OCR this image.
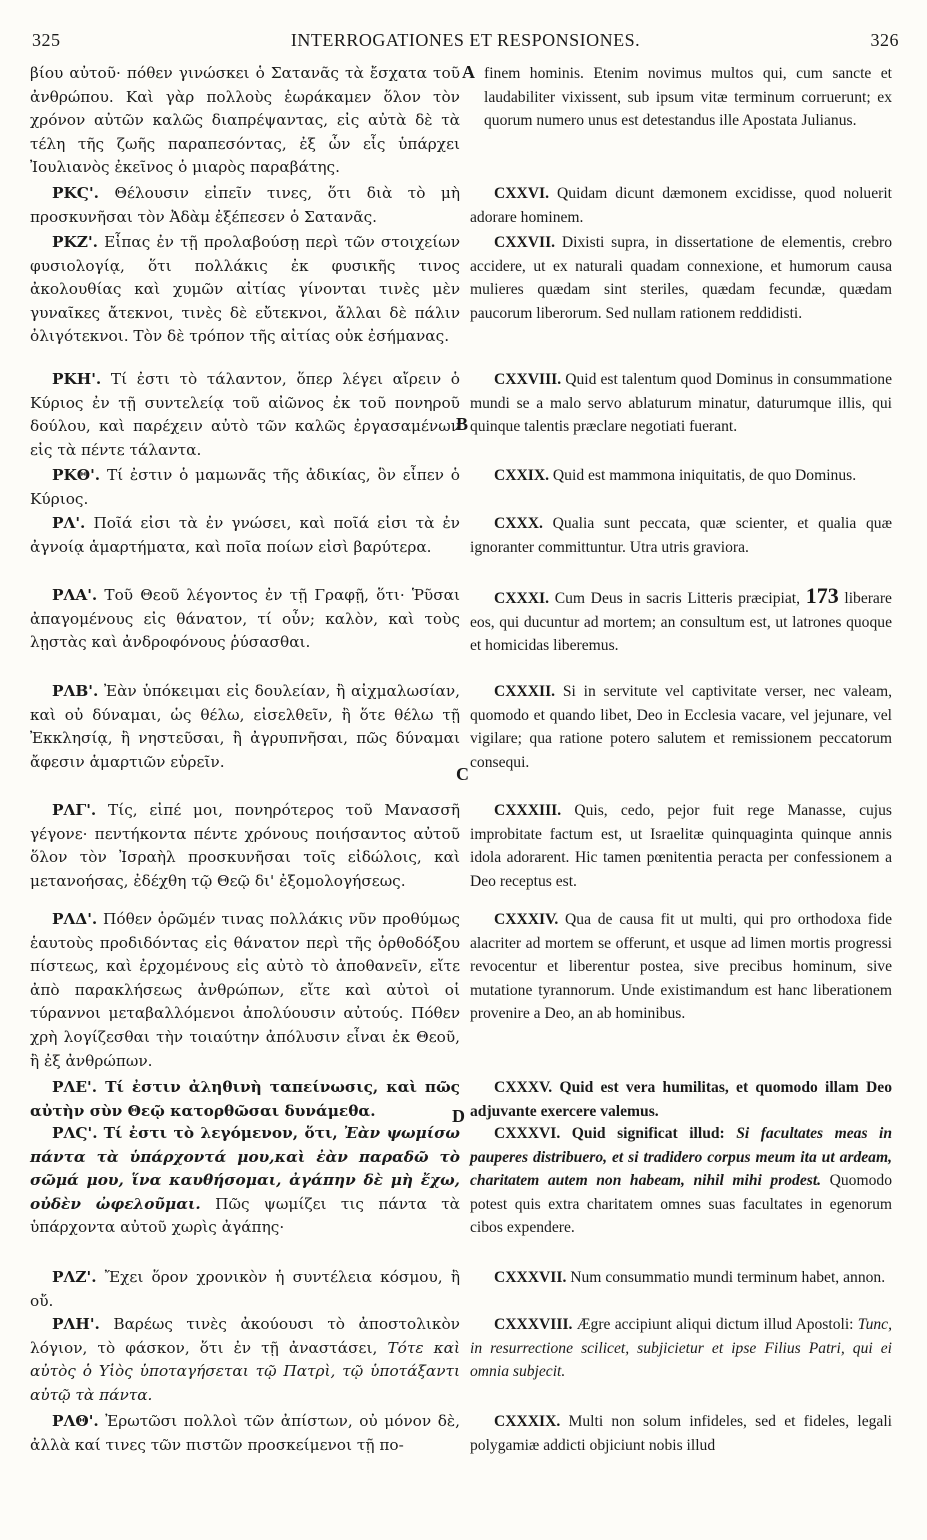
325	INTERROGATIONES ET RESPONSIONES.	326
A
B
C
D
βίου αὐτοῦ· πόθεν γινώσκει ὁ Σατανᾶς τὰ ἔσχατα τοῦ ἀνθρώπου. Καὶ γὰρ πολλοὺς ἑωράκαμεν ὅλον τὸν χρόνον αὐτῶν καλῶς διαπρέψαντας, εἰς αὐτὰ δὲ τὰ τέλη τῆς ζωῆς παραπεσόντας, ἐξ ὧν εἷς ὑπάρχει Ἰουλιανὸς ἐκεῖνος ὁ μιαρὸς παραβάτης.
ΡΚϚ'. Θέλουσιν εἰπεῖν τινες, ὅτι διὰ τὸ μὴ προσκυνῆσαι τὸν Ἀδὰμ ἐξέπεσεν ὁ Σατανᾶς.
ΡΚΖ'. Εἶπας ἐν τῇ προλαβούσῃ περὶ τῶν στοιχείων φυσιολογίᾳ, ὅτι πολλάκις ἐκ φυσικῆς τινος ἀκολουθίας καὶ χυμῶν αἰτίας γίνονται τινὲς μὲν γυναῖκες ἄτεκνοι, τινὲς δὲ εὔτεκνοι, ἄλλαι δὲ πάλιν ὀλιγότεκνοι. Τὸν δὲ τρόπον τῆς αἰτίας οὐκ ἐσήμανας.
ΡΚΗ'. Τί ἐστι τὸ τάλαντον, ὅπερ λέγει αἴρειν ὁ Κύριος ἐν τῇ συντελείᾳ τοῦ αἰῶνος ἐκ τοῦ πονηροῦ δούλου, καὶ παρέχειν αὐτὸ τῶν καλῶς ἐργασαμένων εἰς τὰ πέντε τάλαντα.
ΡΚΘ'. Τί ἐστιν ὁ μαμωνᾶς τῆς ἀδικίας, ὃν εἶπεν ὁ Κύριος.
ΡΛ'. Ποῖά εἰσι τὰ ἐν γνώσει, καὶ ποῖά εἰσι τὰ ἐν ἀγνοίᾳ ἁμαρτήματα, καὶ ποῖα ποίων εἰσὶ βαρύτερα.
ΡΛΑ'. Τοῦ Θεοῦ λέγοντος ἐν τῇ Γραφῇ, ὅτι· Ῥῦσαι ἀπαγομένους εἰς θάνατον, τί οὖν; καλὸν, καὶ τοὺς λῃστὰς καὶ ἀνδροφόνους ῥύσασθαι.
ΡΛΒ'. Ἐὰν ὑπόκειμαι εἰς δουλείαν, ἢ αἰχμαλωσίαν, καὶ οὐ δύναμαι, ὡς θέλω, εἰσελθεῖν, ἢ ὅτε θέλω τῇ Ἐκκλησίᾳ, ἢ νηστεῦσαι, ἢ ἀγρυπνῆσαι, πῶς δύναμαι ἄφεσιν ἁμαρτιῶν εὑρεῖν.
ΡΛΓ'. Τίς, εἰπέ μοι, πονηρότερος τοῦ Μανασσῆ γέγονε· πεντήκοντα πέντε χρόνους ποιήσαντος αὐτοῦ ὅλον τὸν Ἰσραὴλ προσκυνῆσαι τοῖς εἰδώλοις, καὶ μετανοήσας, ἐδέχθη τῷ Θεῷ δι' ἐξομολογήσεως.
ΡΛΔ'. Πόθεν ὁρῶμέν τινας πολλάκις νῦν προθύμως ἑαυτοὺς προδιδόντας εἰς θάνατον περὶ τῆς ὀρθοδόξου πίστεως, καὶ ἐρχομένους εἰς αὐτὸ τὸ ἀποθανεῖν, εἴτε ἀπὸ παρακλήσεως ἀνθρώπων, εἴτε καὶ αὐτοὶ οἱ τύραννοι μεταβαλλόμενοι ἀπολύουσιν αὐτούς. Πόθεν χρὴ λογίζεσθαι τὴν τοιαύτην ἀπόλυσιν εἶναι ἐκ Θεοῦ, ἢ ἐξ ἀνθρώπων.
ΡΛΕ'. Τί ἐστιν ἀληθινὴ ταπείνωσις, καὶ πῶς αὐτὴν σὺν Θεῷ κατορθῶσαι δυνάμεθα.
ΡΛϚ'. Τί ἐστι τὸ λεγόμενον, ὅτι, Ἐὰν ψωμίσω πάντα τὰ ὑπάρχοντά μου,καὶ ἐὰν παραδῶ τὸ σῶμά μου, ἵνα καυθήσομαι, ἀγάπην δὲ μὴ ἔχω, οὐδὲν ὠφελοῦμαι. Πῶς ψωμίζει τις πάντα τὰ ὑπάρχοντα αὐτοῦ χωρὶς ἀγάπης·
ΡΛΖ'. Ἔχει ὅρον χρονικὸν ἡ συντέλεια κόσμου, ἢ οὔ.
ΡΛΗ'. Βαρέως τινὲς ἀκούουσι τὸ ἀποστολικὸν λόγιον, τὸ φάσκον, ὅτι ἐν τῇ ἀναστάσει, Τότε καὶ αὐτὸς ὁ Υἱὸς ὑποταγήσεται τῷ Πατρὶ, τῷ ὑποτάξαντι αὐτῷ τὰ πάντα.
ΡΛΘ'. Ἐρωτῶσι πολλοὶ τῶν ἀπίστων, οὐ μόνον δὲ, ἀλλὰ καί τινες τῶν πιστῶν προσκείμενοι τῇ πο-
finem hominis. Etenim novimus multos qui, cum sancte et laudabiliter vixissent, sub ipsum vitæ terminum corruerunt; ex quorum numero unus est detestandus ille Apostata Julianus.
CXXVI. Quidam dicunt dæmonem excidisse, quod noluerit adorare hominem.
CXXVII. Dixisti supra, in dissertatione de elementis, crebro accidere, ut ex naturali quadam connexione, et humorum causa mulieres quædam sint steriles, quædam fecundæ, quædam paucorum liberorum. Sed nullam rationem reddidisti.
CXXVIII. Quid est talentum quod Dominus in consummatione mundi se a malo servo ablaturum minatur, daturumque illis, qui quinque talentis præclare negotiati fuerant.
CXXIX. Quid est mammona iniquitatis, de quo Dominus.
CXXX. Qualia sunt peccata, quæ scienter, et qualia quæ ignoranter committuntur. Utra utris graviora.
CXXXI. Cum Deus in sacris Litteris præcipiat, 173 liberare eos, qui ducuntur ad mortem; an consultum est, ut latrones quoque et homicidas liberemus.
CXXXII. Si in servitute vel captivitate verser, nec valeam, quomodo et quando libet, Deo in Ecclesia vacare, vel jejunare, vel vigilare; qua ratione potero salutem et remissionem peccatorum consequi.
CXXXIII. Quis, cedo, pejor fuit rege Manasse, cujus improbitate factum est, ut Israelitæ quinquaginta quinque annis idola adorarent. Hic tamen pœnitentia peracta per confessionem a Deo receptus est.
CXXXIV. Qua de causa fit ut multi, qui pro orthodoxa fide alacriter ad mortem se offerunt, et usque ad limen mortis progressi revocentur et liberentur postea, sive precibus hominum, sive mutatione tyrannorum. Unde existimandum est hanc liberationem provenire a Deo, an ab hominibus.
CXXXV. Quid est vera humilitas, et quomodo illam Deo adjuvante exercere valemus.
CXXXVI. Quid significat illud: Si facultates meas in pauperes distribuero, et si tradidero corpus meum ita ut ardeam, charitatem autem non habeam, nihil mihi prodest. Quomodo potest quis extra charitatem omnes suas facultates in egenorum cibos expendere.
CXXXVII. Num consummatio mundi terminum habet, annon.
CXXXVIII. Ægre accipiunt aliqui dictum illud Apostoli: Tunc, in resurrectione scilicet, subjicietur et ipse Filius Patri, qui ei omnia subjecit.
CXXXIX. Multi non solum infideles, sed et fideles, legali polygamiæ addicti objiciunt nobis illud
